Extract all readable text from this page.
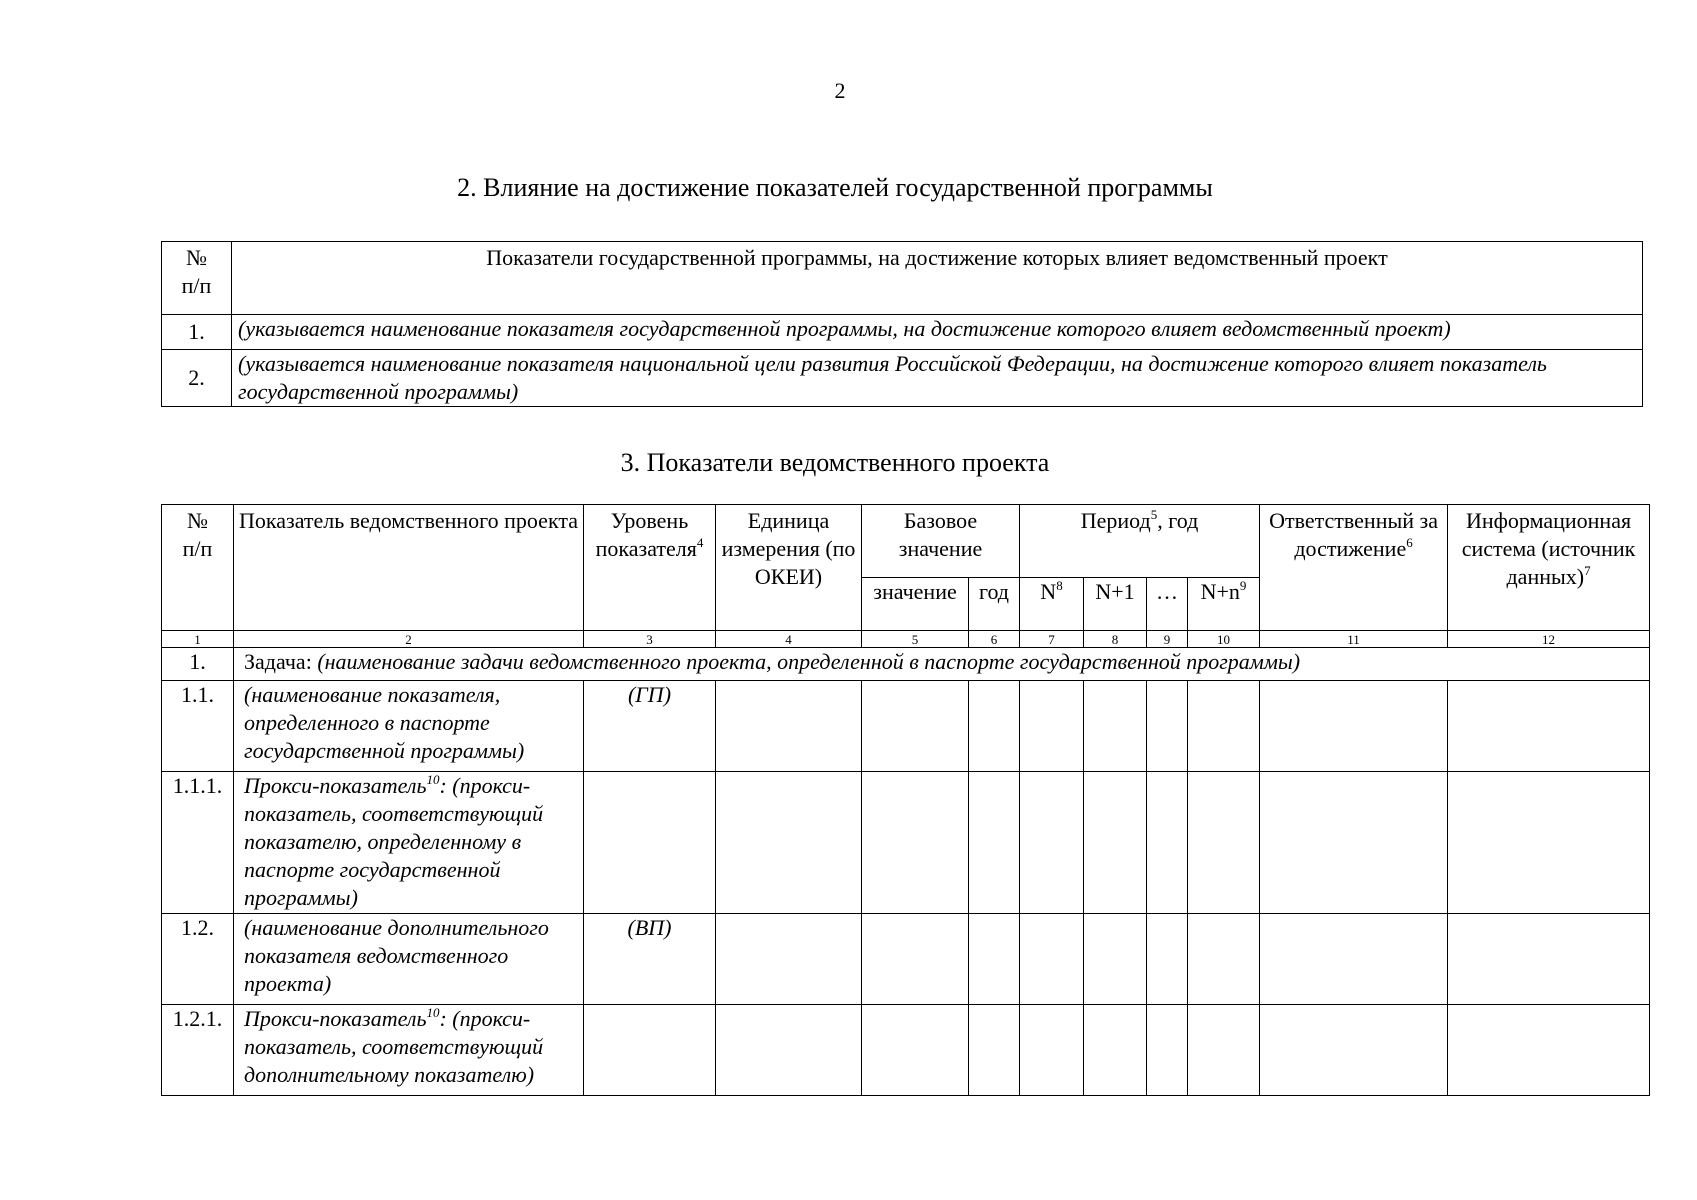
2
2. Влияние на достижение показателей государственной программы
№
п/п	Показатели государственной программы, на достижение которых влияет ведомственный проект
1.	(указывается наименование показателя государственной программы, на достижение которого влияет ведомственный проект)
2.	(указывается наименование показателя национальной цели развития Российской Федерации, на достижение которого влияет показатель государственной программы)
3. Показатели ведомственного проекта
№
п/п	Показатель ведомственного проекта	Уровень показателя$^4$	Единица измерения (по ОКЕИ)	Базовое значение		Период$^5$, год				Ответственный за достижение$^6$	Информационная система (источник данных)$^7$
				значение	год	$N^8$	N+1	…	$N+n^9$
1	2	3	4	5	6	7	8	9	10	11	12
1.	Задача: (наименование задачи ведомственного проекта, определенной в паспорте государственной программы)										
1.1.	(наименование показателя, определенного в паспорте государственной программы)	(ГП)									
1.1.1.	Прокси-показатель$^{10}$: (прокси-показатель, соответствующий показателю, определенному в паспорте государственной программы)										
1.2.	(наименование дополнительного показателя ведомственного проекта)	(ВП)									
1.2.1.	Прокси-показатель$^{10}$: (прокси-показатель, соответствующий дополнительному показателю)										
